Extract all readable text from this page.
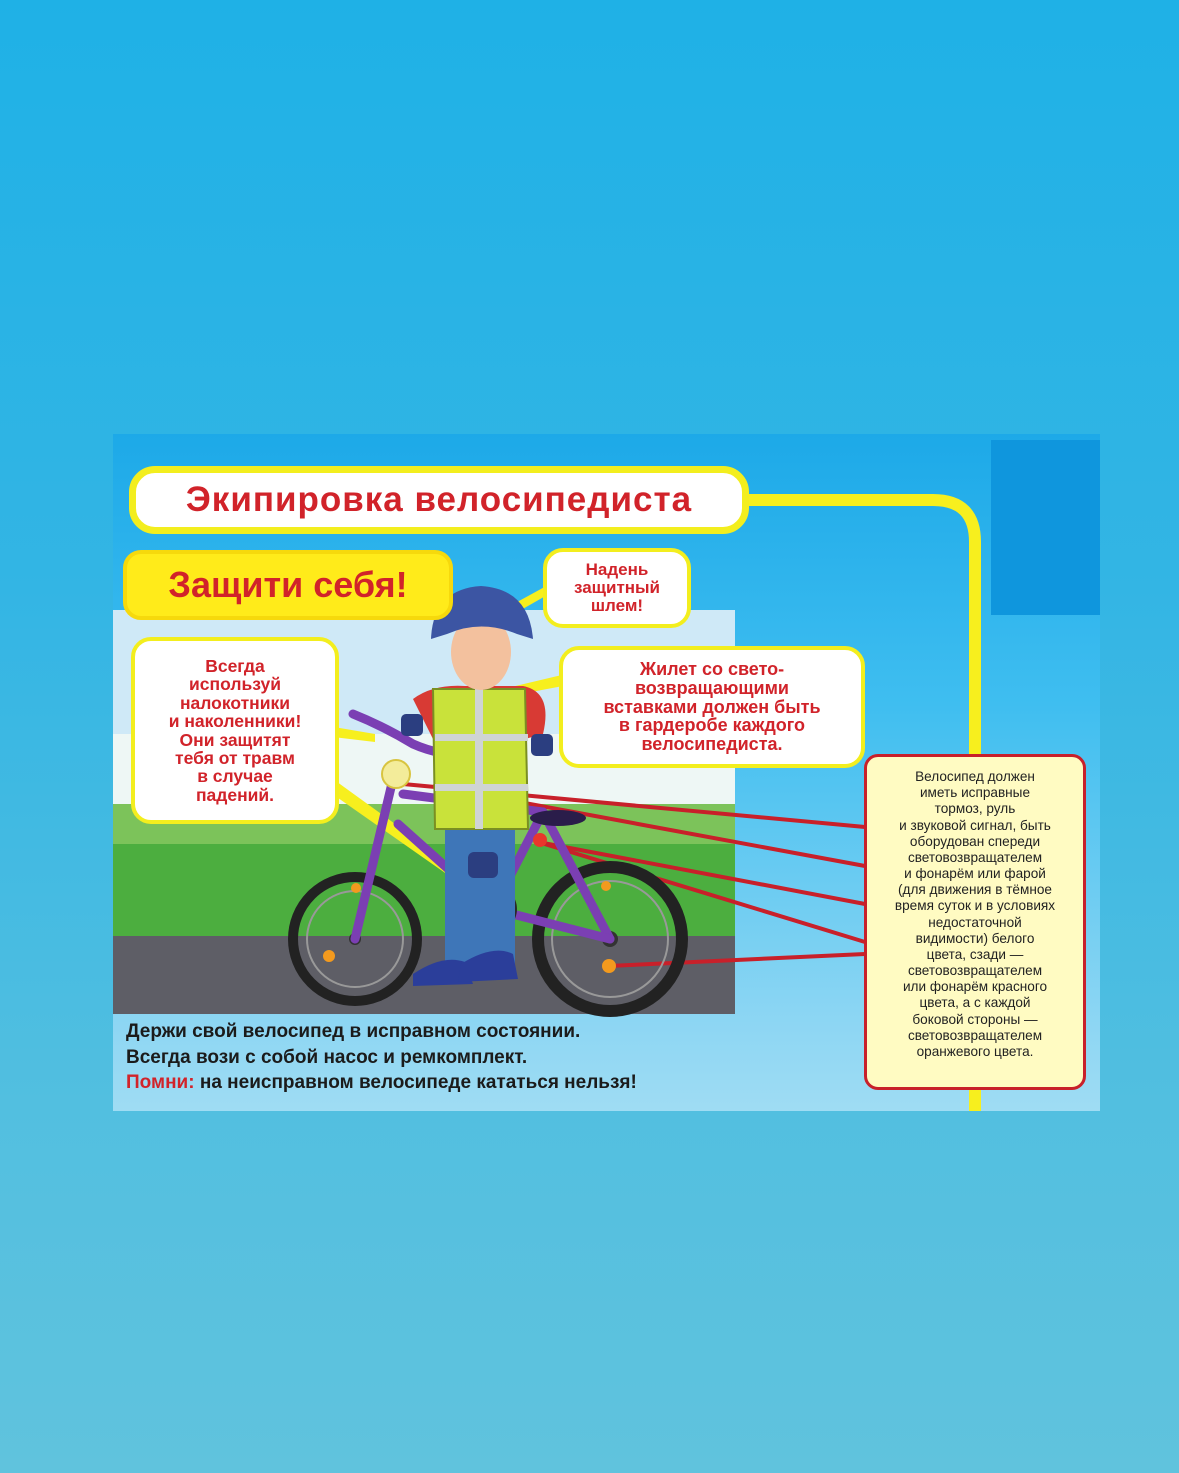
Экипировка велосипедиста
Защити себя!	Надень
защитный
шлем!
Всегда
используй
налокотники
и наколенники!
Они защитят
тебя от травм
в случае
падений.
Жилет со свето-
возвращающими
вставками должен быть
в гардеробе каждого
велосипедиста.
Велосипед должен
иметь исправные
тормоз, руль
и звуковой сигнал, быть
оборудован спереди
световозвращателем
и фонарём или фарой
(для движения в тёмное
время суток и в условиях
недостаточной
видимости) белого
цвета, сзади —
световозвращателем
или фонарём красного
цвета, а с каждой
боковой стороны —
световозвращателем
оранжевого цвета.
Держи свой велосипед в исправном состоянии.
Всегда вози с собой насос и ремкомплект.
Помни: на неисправном велосипеде кататься нельзя!
